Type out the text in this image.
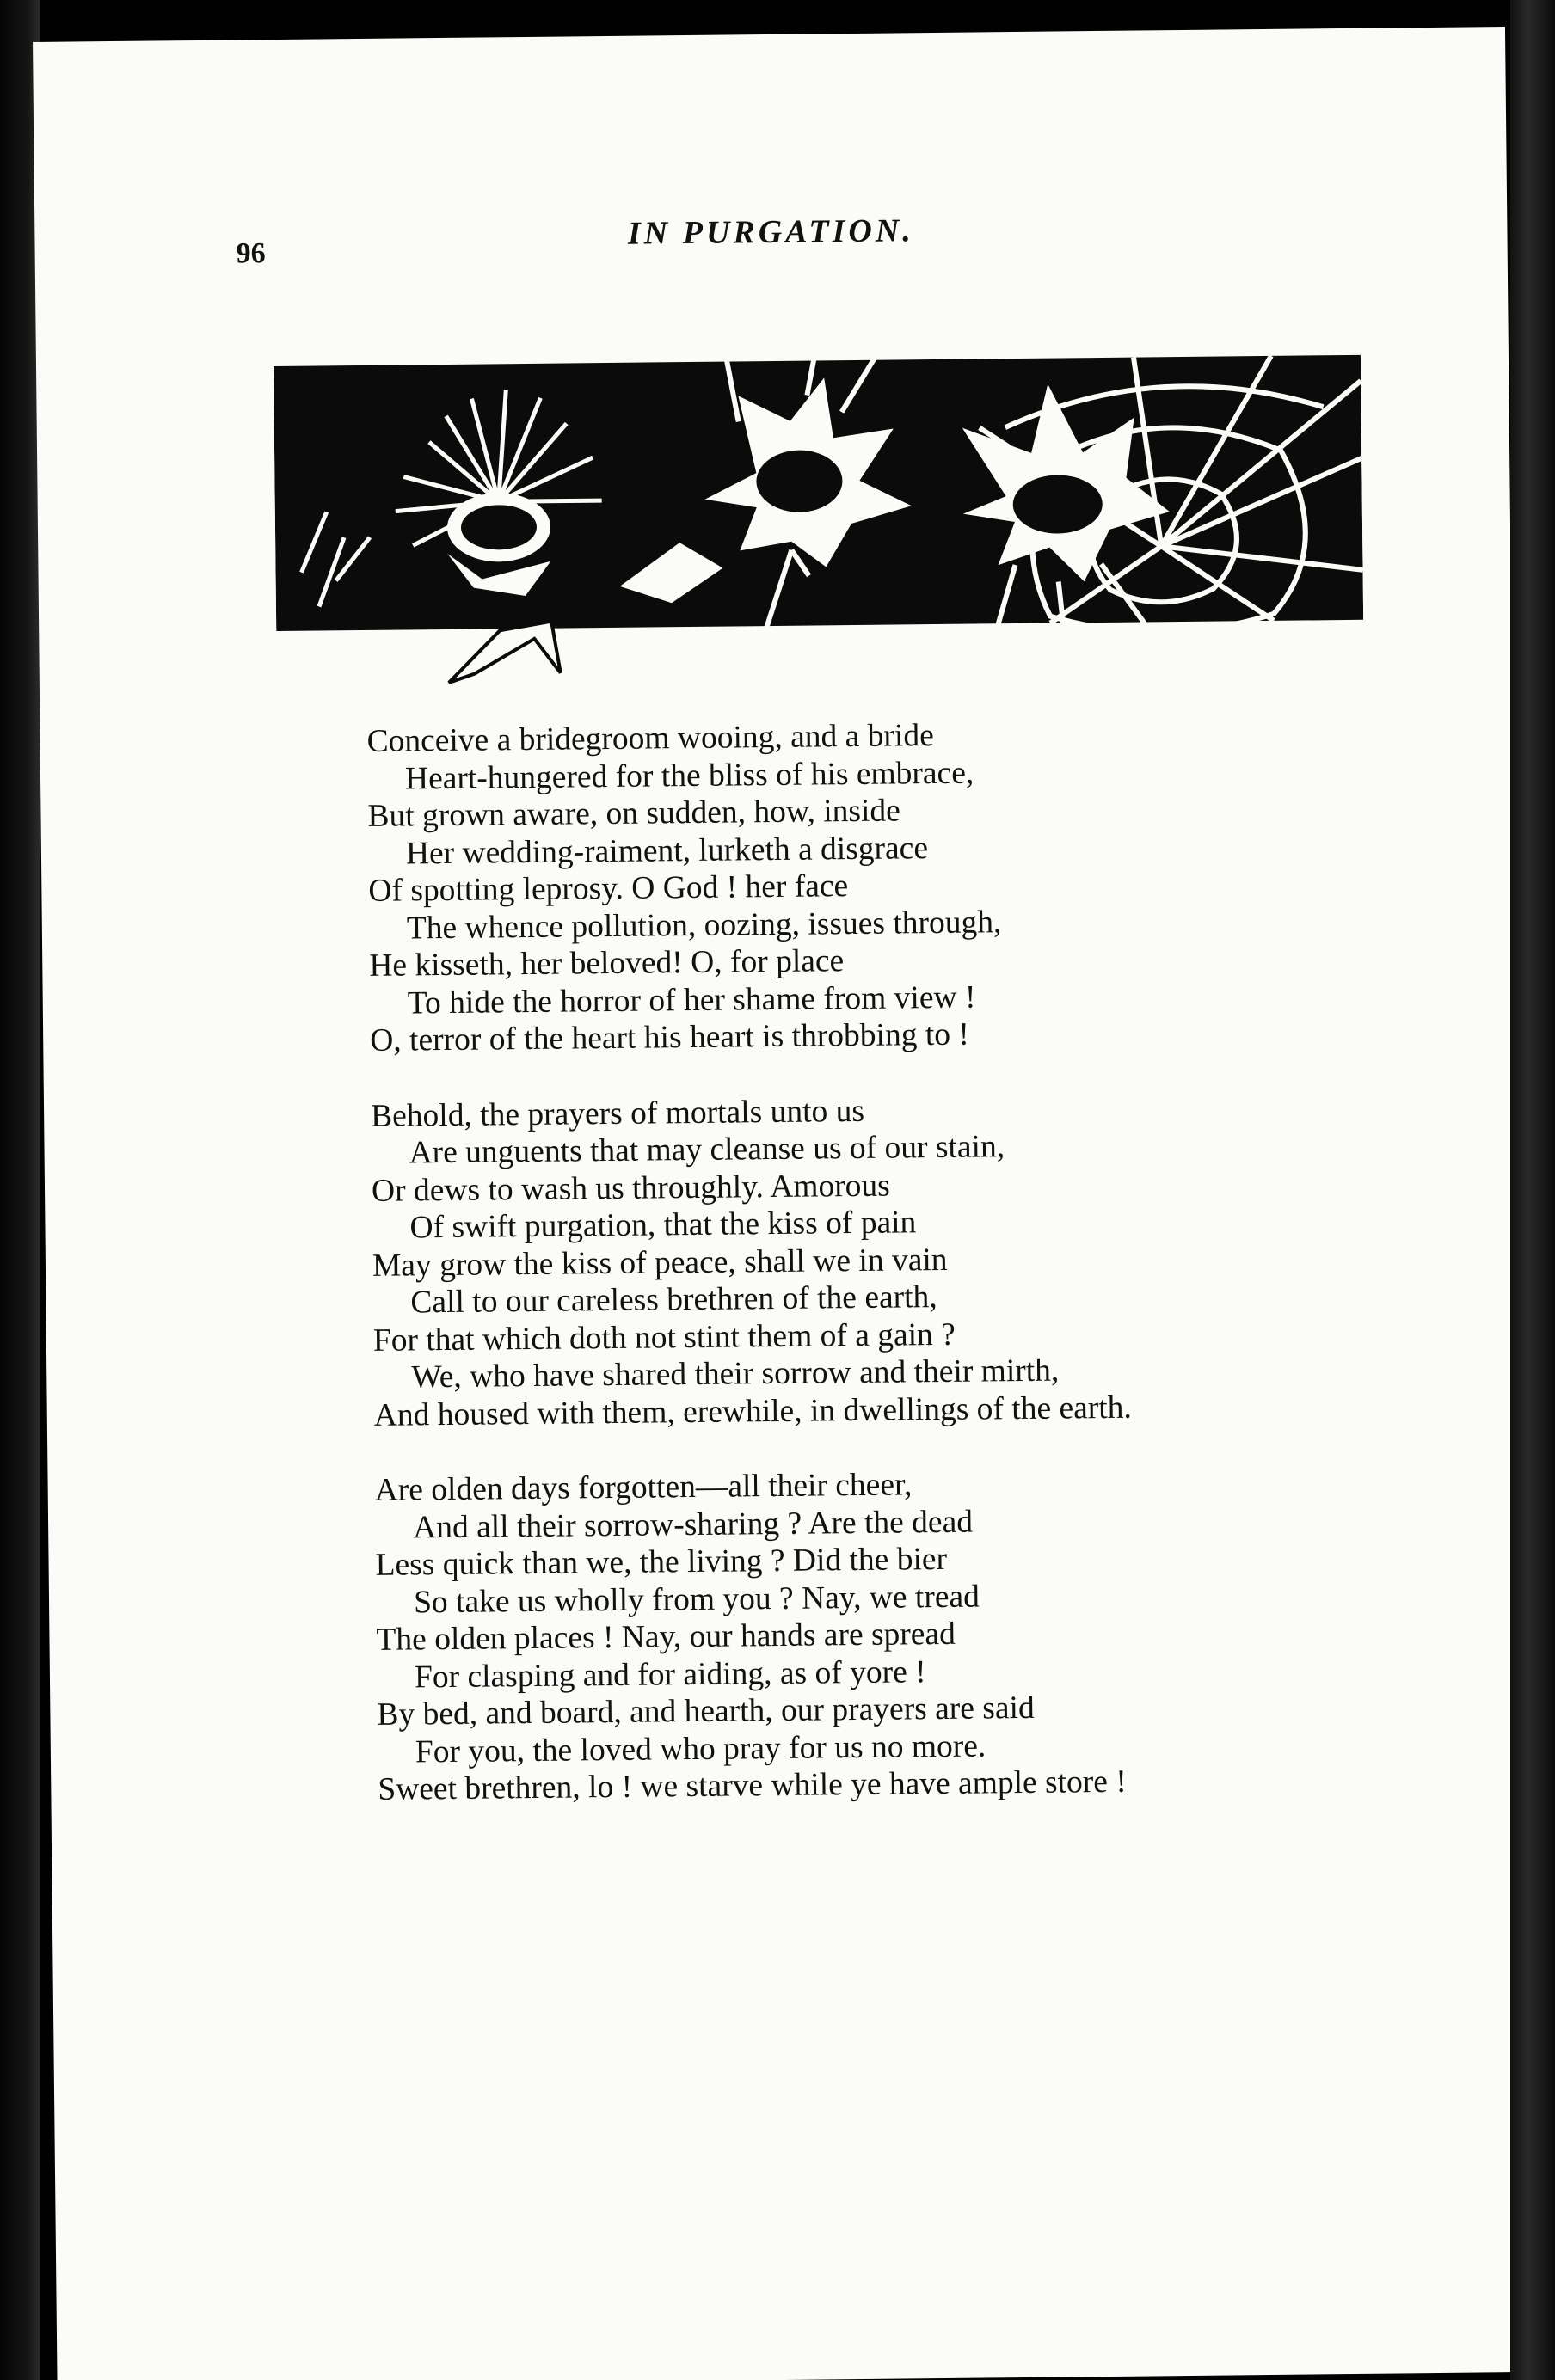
96
IN PURGATION.
Conceive a bridegroom wooing, and a bride
Heart-hungered for the bliss of his embrace,
But grown aware, on sudden, how, inside
Her wedding-raiment, lurketh a disgrace
Of spotting leprosy. O God ! her face
The whence pollution, oozing, issues through,
He kisseth, her beloved! O, for place
To hide the horror of her shame from view !
O, terror of the heart his heart is throbbing to !
Behold, the prayers of mortals unto us
Are unguents that may cleanse us of our stain,
Or dews to wash us throughly. Amorous
Of swift purgation, that the kiss of pain
May grow the kiss of peace, shall we in vain
Call to our careless brethren of the earth,
For that which doth not stint them of a gain ?
We, who have shared their sorrow and their mirth,
And housed with them, erewhile, in dwellings of the earth.
Are olden days forgotten—all their cheer,
And all their sorrow-sharing ? Are the dead
Less quick than we, the living ? Did the bier
So take us wholly from you ? Nay, we tread
The olden places ! Nay, our hands are spread
For clasping and for aiding, as of yore !
By bed, and board, and hearth, our prayers are said
For you, the loved who pray for us no more.
Sweet brethren, lo ! we starve while ye have ample store !
